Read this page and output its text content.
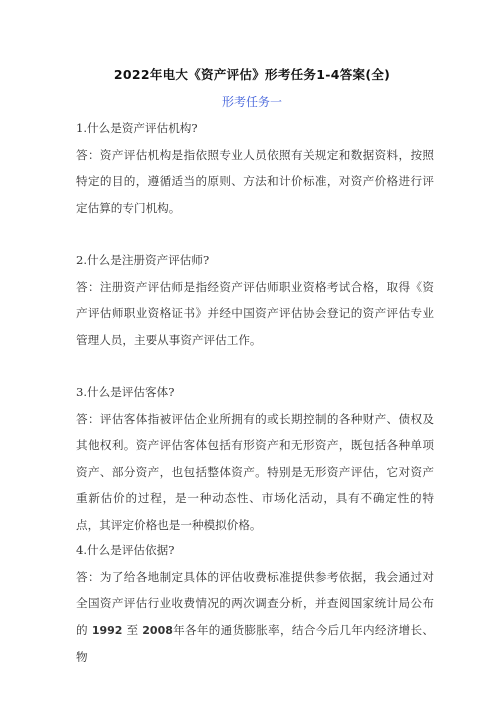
2022年电大《资产评估》形考任务1-4答案(全)
形考任务一
1.什么是资产评估机构?
答：资产评估机构是指依照专业人员依照有关规定和数据资料，按照特定的目的，遵循适当的原则、方法和计价标准，对资产价格进行评定估算的专门机构。
2.什么是注册资产评估师?
答：注册资产评估师是指经资产评估师职业资格考试合格，取得《资产评估师职业资格证书》并经中国资产评估协会登记的资产评估专业管理人员，主要从事资产评估工作。
3.什么是评估客体?
答：评估客体指被评估企业所拥有的或长期控制的各种财产、债权及其他权利。资产评估客体包括有形资产和无形资产，既包括各种单项资产、部分资产，也包括整体资产。特别是无形资产评估，它对资产重新估价的过程，是一种动态性、市场化活动，具有不确定性的特点，其评定价格也是一种模拟价格。
4.什么是评估依据?
答：为了给各地制定具体的评估收费标准提供参考依据，我会通过对全国资产评估行业收费情况的两次调查分析，并查阅国家统计局公布的 1992 至 2008年各年的通货膨胀率，结合今后几年内经济增长、物
